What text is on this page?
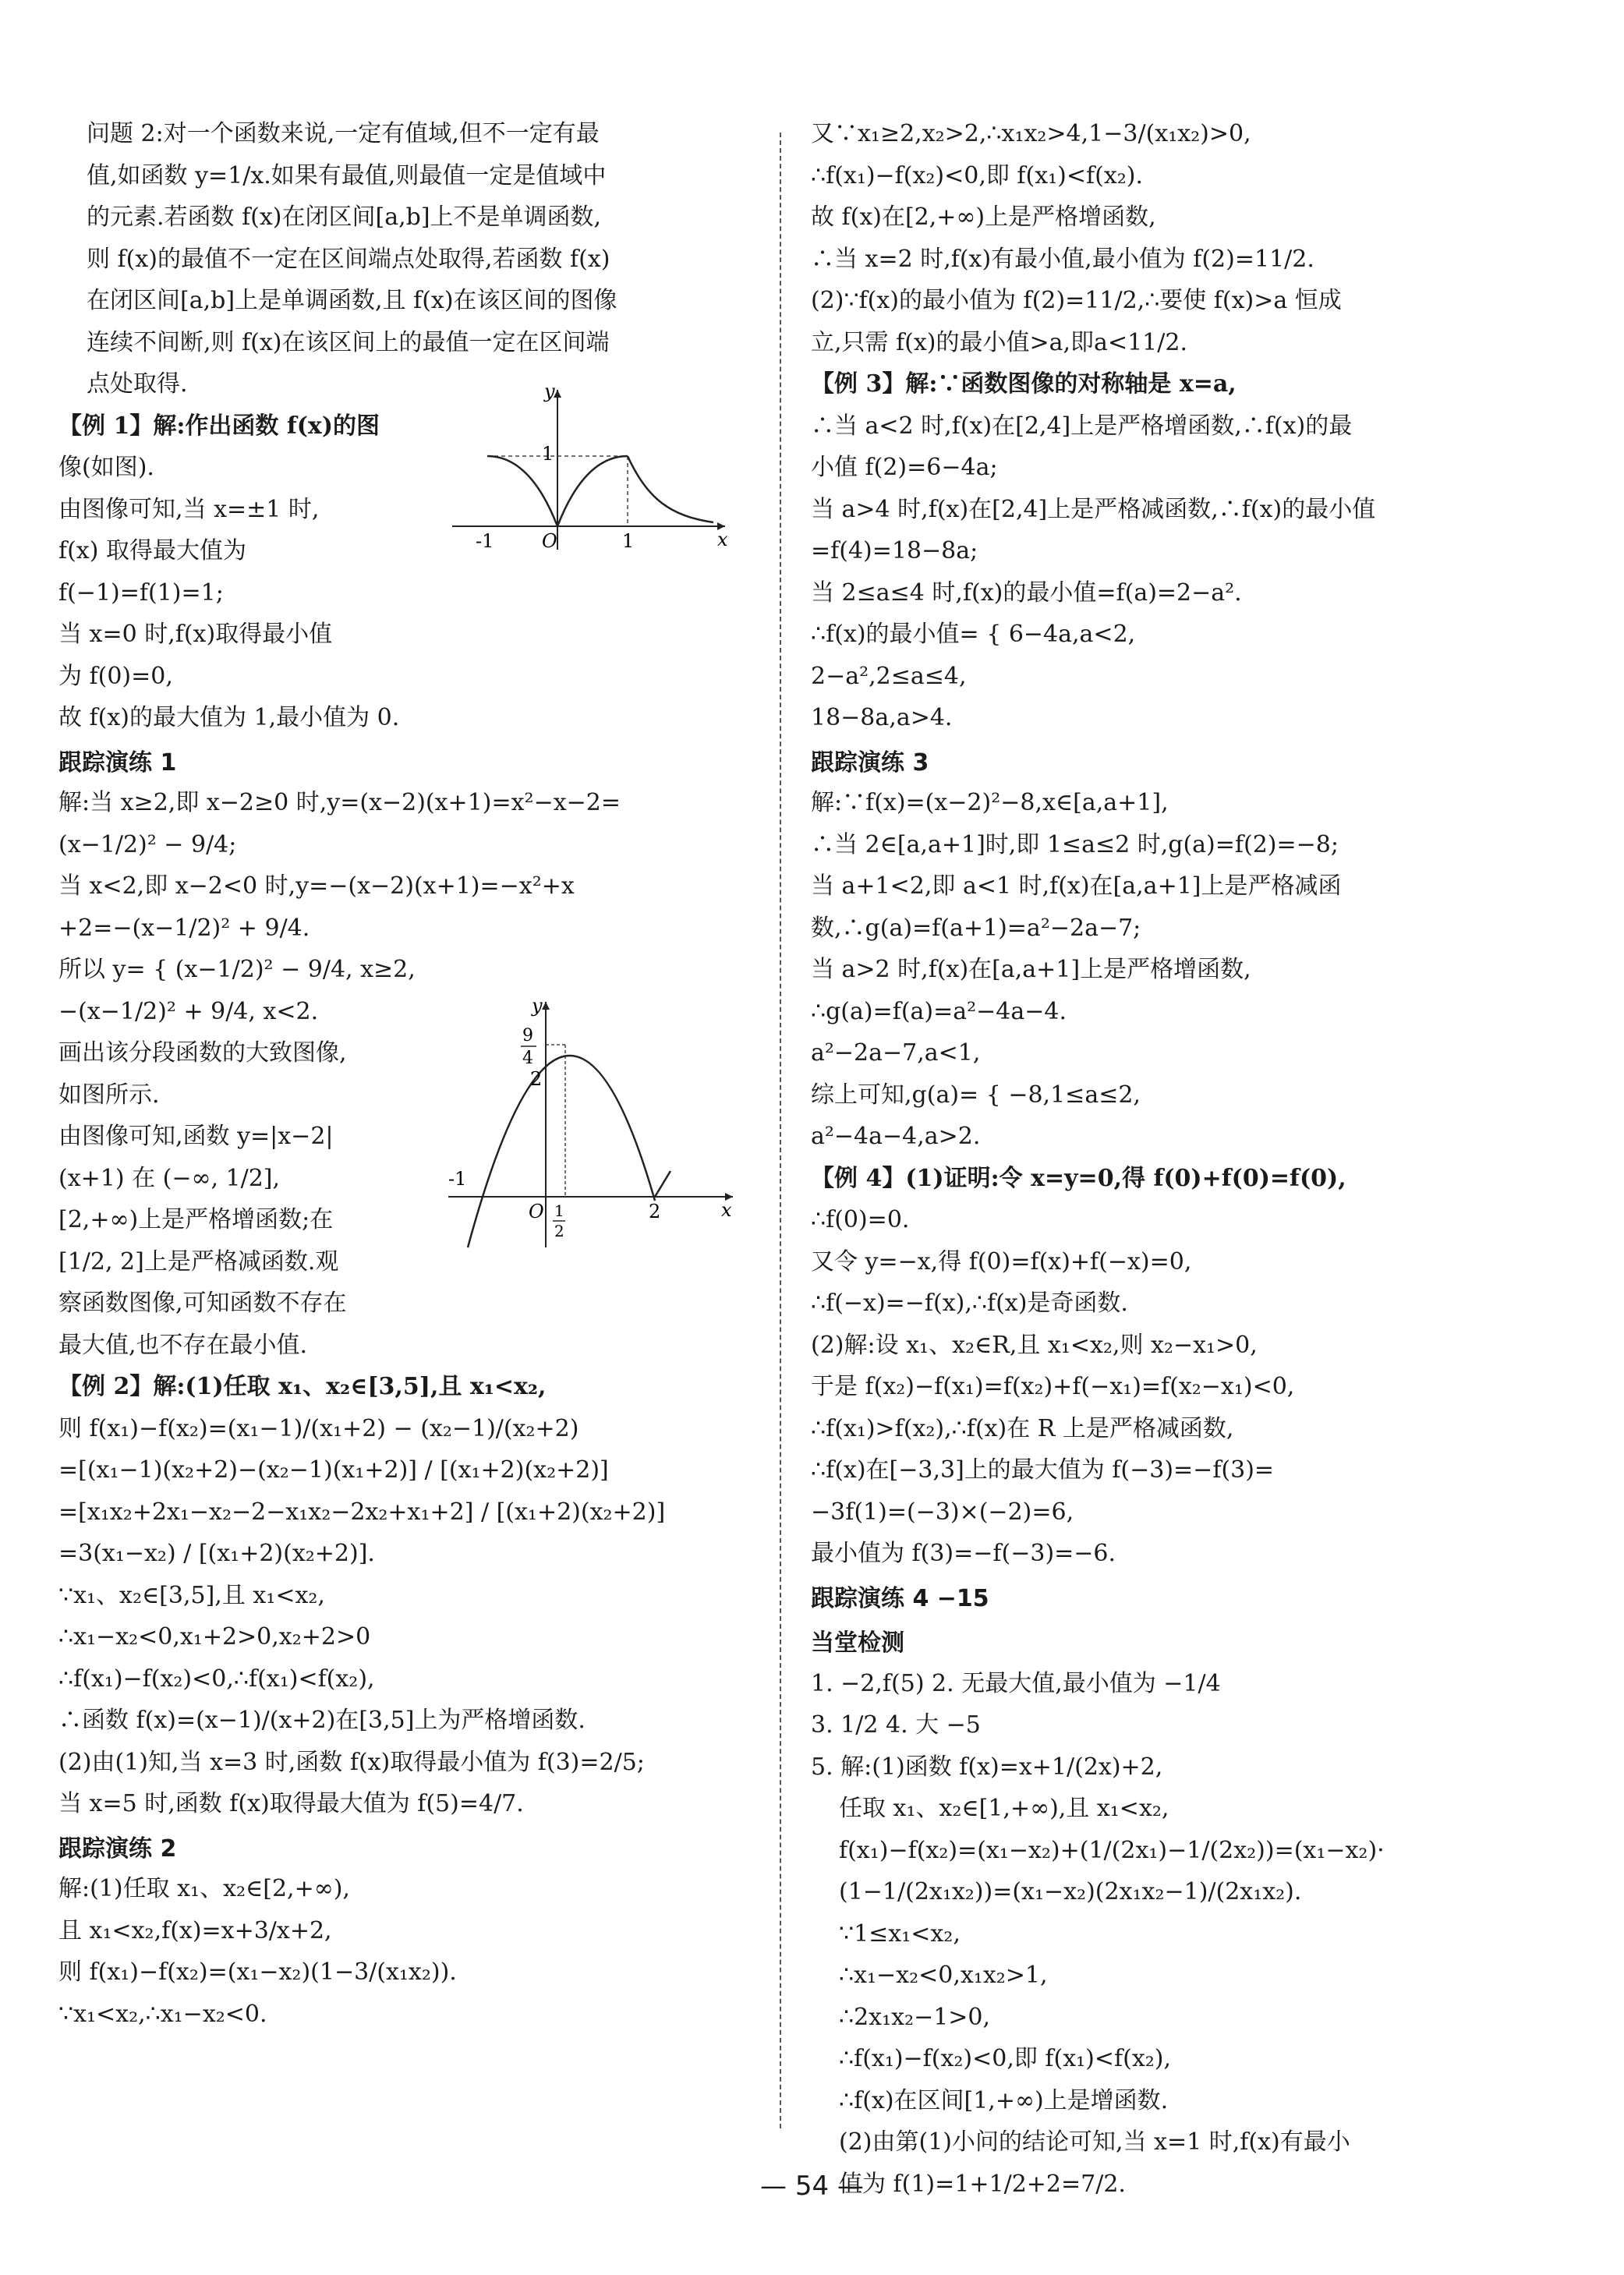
问题 2:对一个函数来说,一定有值域,但不一定有最
值,如函数 y=1/x.如果有最值,则最值一定是值域中
的元素.若函数 f(x)在闭区间[a,b]上不是单调函数,
则 f(x)的最值不一定在区间端点处取得,若函数 f(x)
在闭区间[a,b]上是单调函数,且 f(x)在该区间的图像
连续不间断,则 f(x)在该区间上的最值一定在区间端
点处取得.
【例 1】解:作出函数 f(x)的图
像(如图).
由图像可知,当 x=±1 时,
f(x) 取得最大值为
f(−1)=f(1)=1;
当 x=0 时,f(x)取得最小值
为 f(0)=0,
故 f(x)的最大值为 1,最小值为 0.
跟踪演练 1
解:当 x≥2,即 x−2≥0 时,y=(x−2)(x+1)=x²−x−2=
(x−1/2)² − 9/4;
当 x<2,即 x−2<0 时,y=−(x−2)(x+1)=−x²+x
+2=−(x−1/2)² + 9/4.
所以 y= { (x−1/2)² − 9/4, x≥2,
−(x−1/2)² + 9/4, x<2.
画出该分段函数的大致图像,
如图所示.
由图像可知,函数 y=|x−2|
(x+1) 在 (−∞, 1/2],
[2,+∞)上是严格增函数;在
[1/2, 2]上是严格减函数.观
察函数图像,可知函数不存在
最大值,也不存在最小值.
【例 2】解:(1)任取 x₁、x₂∈[3,5],且 x₁<x₂,
则 f(x₁)−f(x₂)=(x₁−1)/(x₁+2) − (x₂−1)/(x₂+2)
=[(x₁−1)(x₂+2)−(x₂−1)(x₁+2)] / [(x₁+2)(x₂+2)]
=[x₁x₂+2x₁−x₂−2−x₁x₂−2x₂+x₁+2] / [(x₁+2)(x₂+2)]
=3(x₁−x₂) / [(x₁+2)(x₂+2)].
∵x₁、x₂∈[3,5],且 x₁<x₂,
∴x₁−x₂<0,x₁+2>0,x₂+2>0
∴f(x₁)−f(x₂)<0,∴f(x₁)<f(x₂),
∴函数 f(x)=(x−1)/(x+2)在[3,5]上为严格增函数.
(2)由(1)知,当 x=3 时,函数 f(x)取得最小值为 f(3)=2/5;
当 x=5 时,函数 f(x)取得最大值为 f(5)=4/7.
跟踪演练 2
解:(1)任取 x₁、x₂∈[2,+∞),
且 x₁<x₂,f(x)=x+3/x+2,
则 f(x₁)−f(x₂)=(x₁−x₂)(1−3/(x₁x₂)).
∵x₁<x₂,∴x₁−x₂<0.
又∵x₁≥2,x₂>2,∴x₁x₂>4,1−3/(x₁x₂)>0,
∴f(x₁)−f(x₂)<0,即 f(x₁)<f(x₂).
故 f(x)在[2,+∞)上是严格增函数,
∴当 x=2 时,f(x)有最小值,最小值为 f(2)=11/2.
(2)∵f(x)的最小值为 f(2)=11/2,∴要使 f(x)>a 恒成
立,只需 f(x)的最小值>a,即a<11/2.
【例 3】解:∵函数图像的对称轴是 x=a,
∴当 a<2 时,f(x)在[2,4]上是严格增函数,∴f(x)的最
小值 f(2)=6−4a;
当 a>4 时,f(x)在[2,4]上是严格减函数,∴f(x)的最小值
=f(4)=18−8a;
当 2≤a≤4 时,f(x)的最小值=f(a)=2−a².
∴f(x)的最小值= { 6−4a,a<2,
2−a²,2≤a≤4,
18−8a,a>4.
跟踪演练 3
解:∵f(x)=(x−2)²−8,x∈[a,a+1],
∴当 2∈[a,a+1]时,即 1≤a≤2 时,g(a)=f(2)=−8;
当 a+1<2,即 a<1 时,f(x)在[a,a+1]上是严格减函
数,∴g(a)=f(a+1)=a²−2a−7;
当 a>2 时,f(x)在[a,a+1]上是严格增函数,
∴g(a)=f(a)=a²−4a−4.
a²−2a−7,a<1,
综上可知,g(a)= { −8,1≤a≤2,
a²−4a−4,a>2.
【例 4】(1)证明:令 x=y=0,得 f(0)+f(0)=f(0),
∴f(0)=0.
又令 y=−x,得 f(0)=f(x)+f(−x)=0,
∴f(−x)=−f(x),∴f(x)是奇函数.
(2)解:设 x₁、x₂∈R,且 x₁<x₂,则 x₂−x₁>0,
于是 f(x₂)−f(x₁)=f(x₂)+f(−x₁)=f(x₂−x₁)<0,
∴f(x₁)>f(x₂),∴f(x)在 R 上是严格减函数,
∴f(x)在[−3,3]上的最大值为 f(−3)=−f(3)=
−3f(1)=(−3)×(−2)=6,
最小值为 f(3)=−f(−3)=−6.
跟踪演练 4 −15
当堂检测
1. −2,f(5) 2. 无最大值,最小值为 −1/4
3. 1/2 4. 大 −5
5. 解:(1)函数 f(x)=x+1/(2x)+2,
任取 x₁、x₂∈[1,+∞),且 x₁<x₂,
f(x₁)−f(x₂)=(x₁−x₂)+(1/(2x₁)−1/(2x₂))=(x₁−x₂)·
(1−1/(2x₁x₂))=(x₁−x₂)(2x₁x₂−1)/(2x₁x₂).
∵1≤x₁<x₂,
∴x₁−x₂<0,x₁x₂>1,
∴2x₁x₂−1>0,
∴f(x₁)−f(x₂)<0,即 f(x₁)<f(x₂),
∴f(x)在区间[1,+∞)上是增函数.
(2)由第(1)小问的结论可知,当 x=1 时,f(x)有最小
值为 f(1)=1+1/2+2=7/2.
y
x
1
-1	O	1
y
x
9
4
2
-1
O 1
2
2
— 54 —
